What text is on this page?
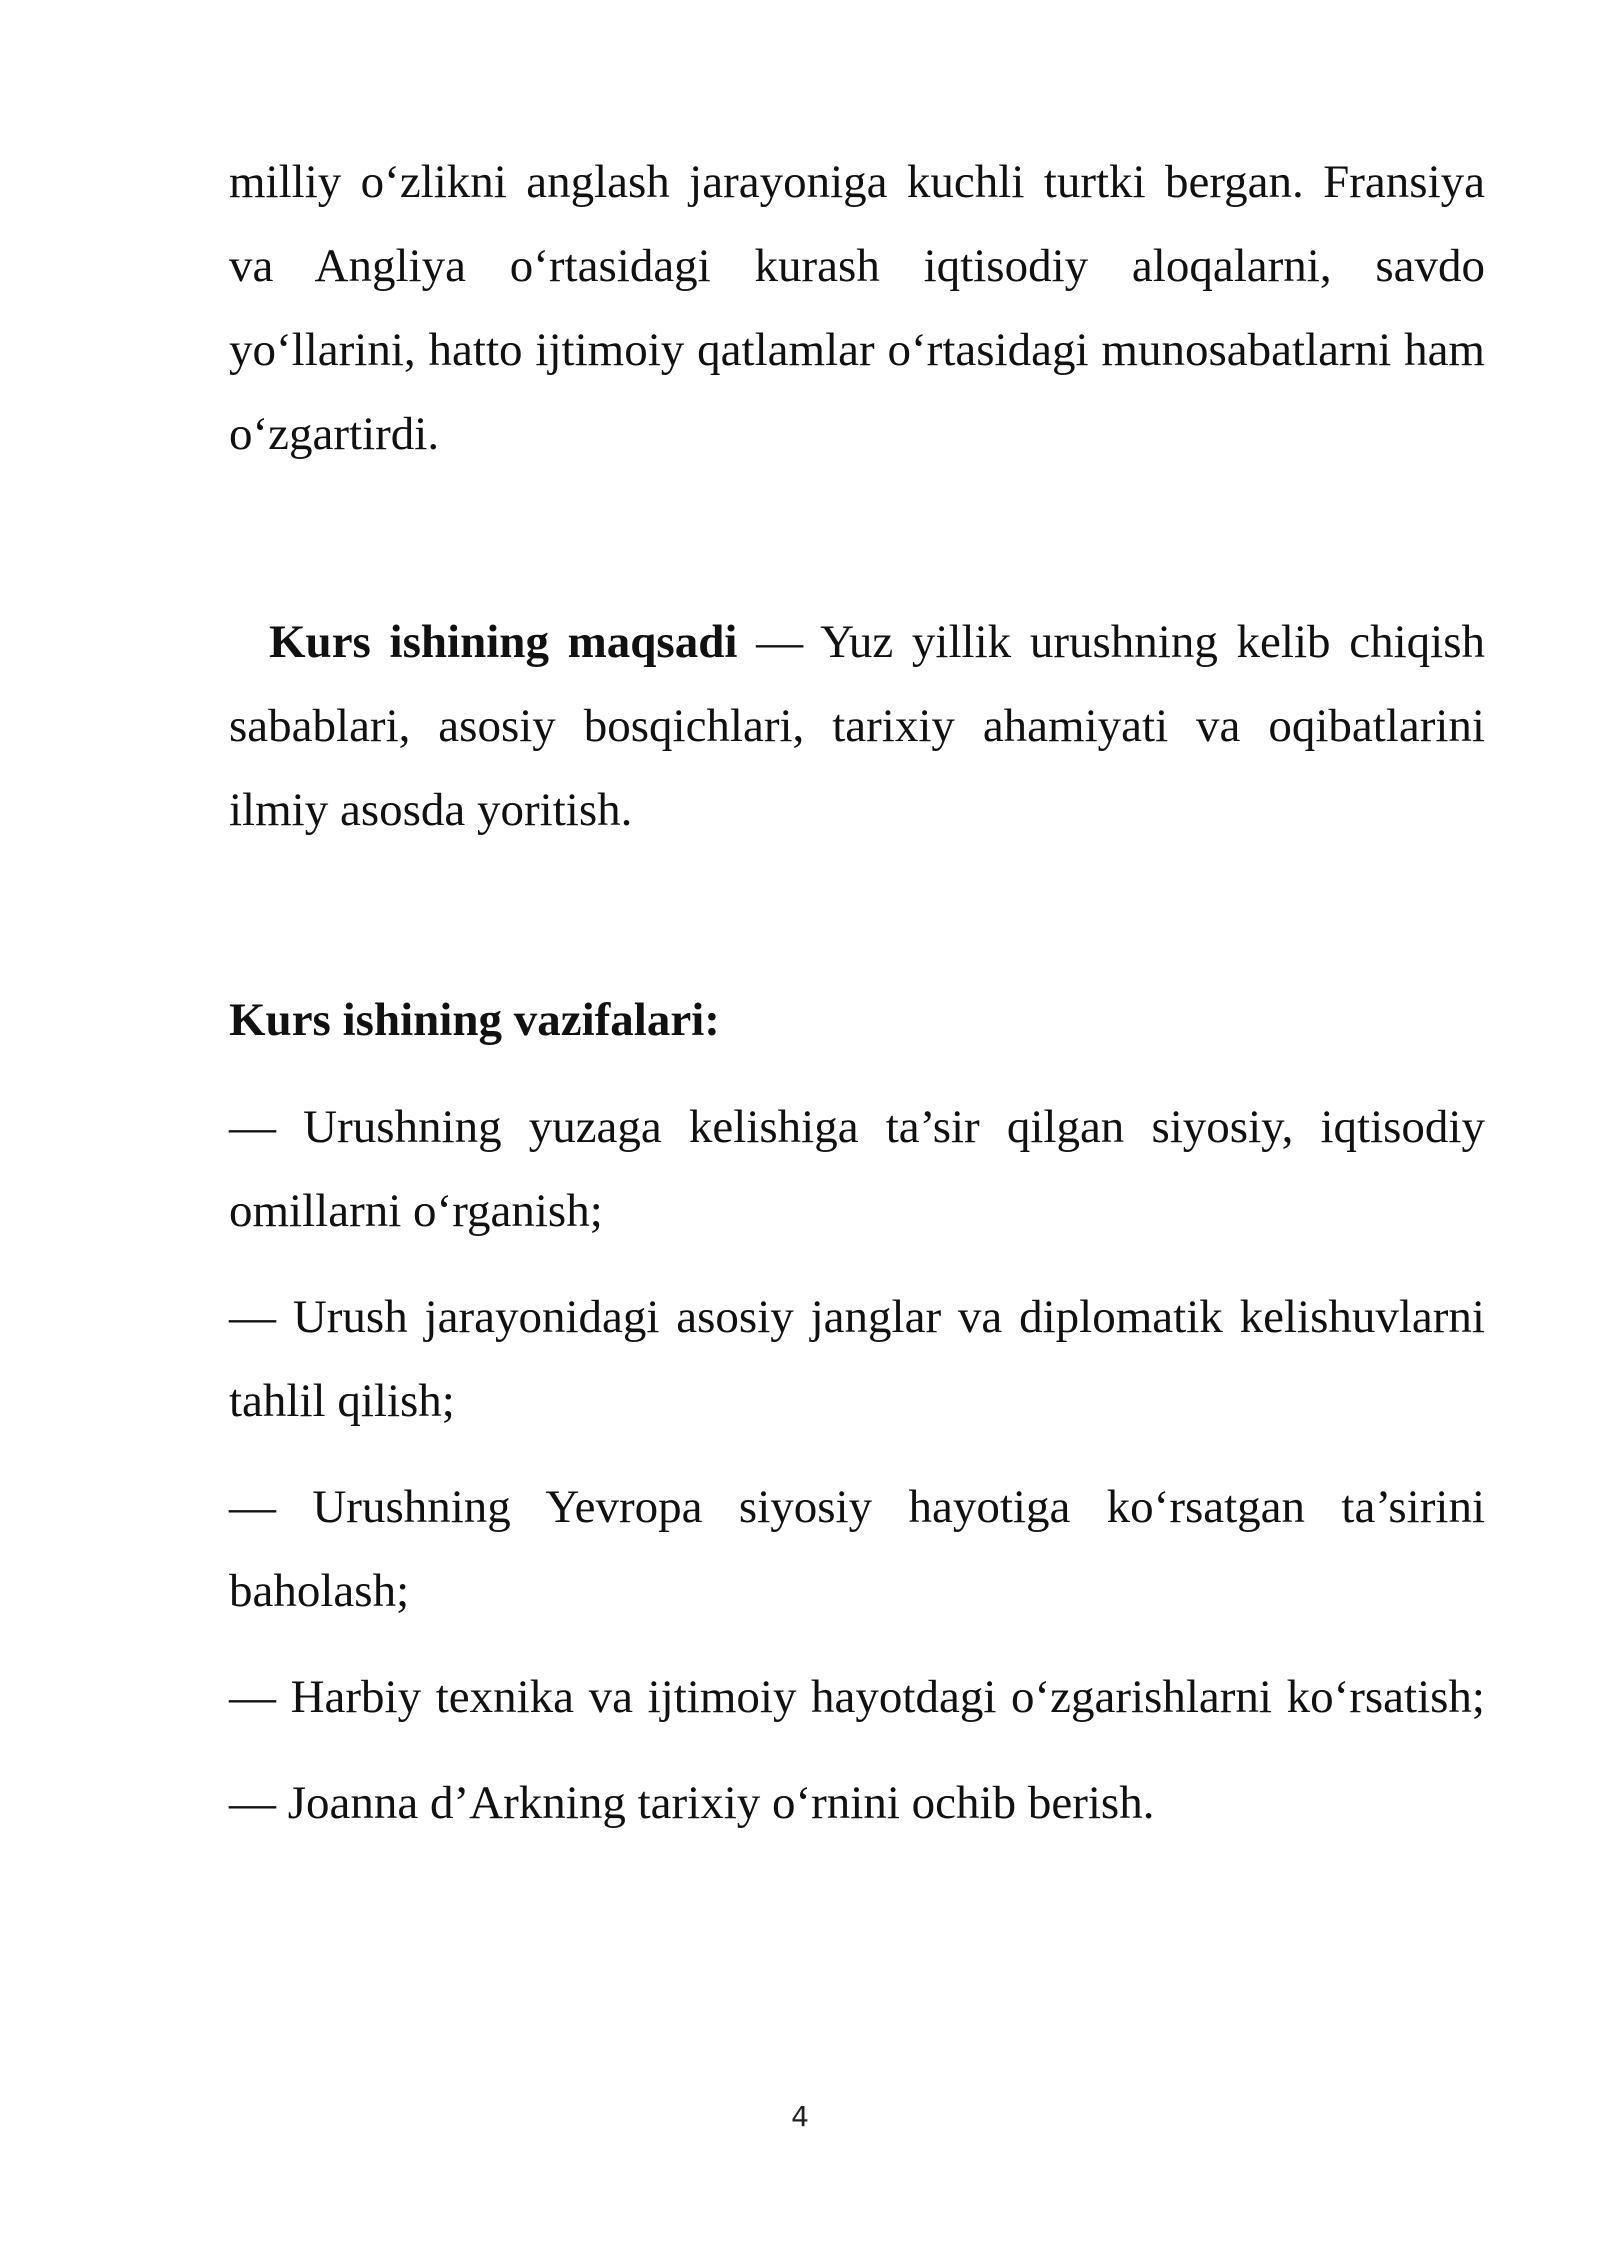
milliy o‘zlikni anglash jarayoniga kuchli turtki bergan. Fransiya va Angliya o‘rtasidagi kurash iqtisodiy aloqalarni, savdo yo‘llarini, hatto ijtimoiy qatlamlar o‘rtasidagi munosabatlarni ham o‘zgartirdi.

Kurs ishining maqsadi — Yuz yillik urushning kelib chiqish sabablari, asosiy bosqichlari, tarixiy ahamiyati va oqibatlarini ilmiy asosda yoritish.

Kurs ishining vazifalari:
— Urushning yuzaga kelishiga ta’sir qilgan siyosiy, iqtisodiy omillarni o‘rganish;
— Urush jarayonidagi asosiy janglar va diplomatik kelishuvlarni tahlil qilish;
— Urushning Yevropa siyosiy hayotiga ko‘rsatgan ta’sirini baholash;
— Harbiy texnika va ijtimoiy hayotdagi o‘zgarishlarni ko‘rsatish;
— Joanna d’Arkning tarixiy o‘rnini ochib berish.
4
